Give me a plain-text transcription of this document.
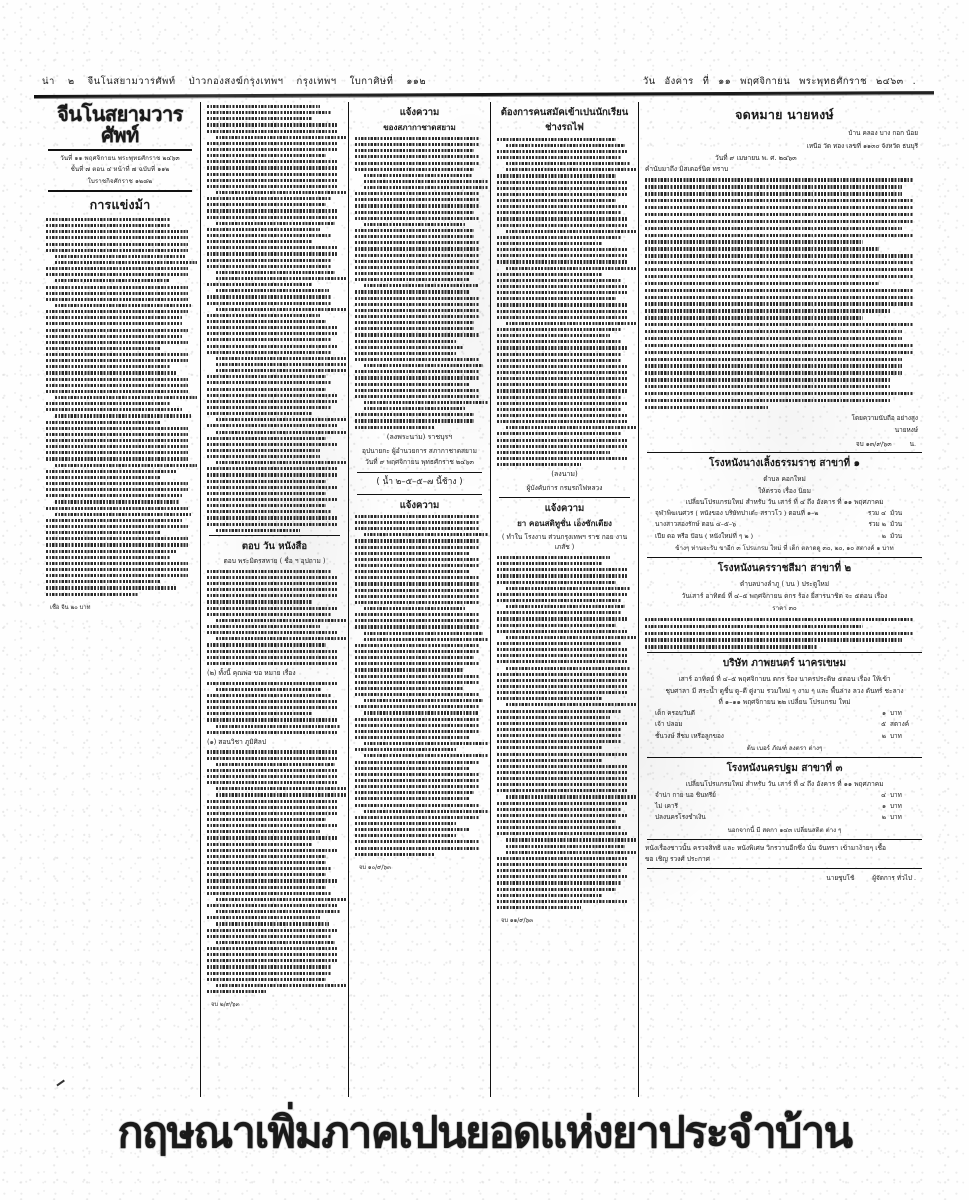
น่า ๒ จีนโนสยามวารศัพท์ ป่าวกองสงฆ์กรุงเทพฯ กรุงเทพฯ ใบกาศิษที่ ๑๑๒	วัน อังคาร ที่ ๑๑ พฤศจิกายน พระพุทธศักราช ๒๔๖๓ .
จีนโนสยามวารศัพท์
วันที่ ๑๑ พฤศจิกายน พระพุทธศักราช ๒๔๖๓
ชั้นที่ ๗ ตอน ๔ หน้าที่ ๗ ฉบับที่ ๑๑๒
ใบราชกิจศักราช ๑๒๘๒
การแข่งม้า
เชื่อ จีน ๒๐ บาท
ตอบ วัน หนังสือ
ตอบ พระมิตรสหาย ( ชื่อ ฯ อุปถาม )
(๒) ทั้งนี้ คุณพ่อ ขอ หมาย เรื่อง
(๑) สอนวิชา ภูมิศิลป
จบ ๒/๙/๖๓
แจ้งความ
ของสภากาชาดสยาม
(ลงพระนาม) ราชบุรฯ
อุปนายกะ ผู้อำนวยการ สภากาชาดสยาม
วันที่ ๙ พฤศจิกายน พุทธศักราช ๒๔๖๓
( น้ำ ๒–๕–๕–๗ นี้ช้าง )
แจ้งความ
จบ ๑๐/๙/๖๓
ต้องการคนสมัคเข้าเปนนักเรียน
ช่างรถไฟ
(ลงนาม)
ผู้บังคับการ กรมรถไฟหลวง
แจ้งความ
ยา คอนสติทูชั่น เอ็งซักเตียง
( ทำใน โรงงาน ส่วนกรุงเทพฯ ราช กอย งานเภสัช )
จบ ๑๑/๙/๖๓
จดหมาย นายหงษ์
บ้าน คลอง บาง กอก น้อย
เหนือ วัด ทอง เลขที่ ๑๑๓๐ จังหวัด ธนบุรี
วันที่ ๙ เมษายน พ. ศ. ๒๔๖๓
คำนับมาถึง มิสเตอร์นิต ทราบ
โดยความนับถือ อย่างสูง
นายหงษ์
จบ ๑๓/๙/๖๓	น.
โรงหนังนางเลิ้งธรรมราช สาขาที่ ๑
ตำบล คอกใหม่
ให้ตรวจ เรื่อง นิยม
เปลี่ยนโปรแกรมใหม่ สำหรับ วัน เสาร์ ที่ ๔ ถึง อังคาร ที่ ๑๑ พฤศภาคม
จุฬาพิฆเนศวร ( หนังของ บริษัทปาเต๋ะ สราวโว ) ตอนที่ ๑–๒	รวม ๔ ม้วน
นางสาวสองรักษ์ ตอน ๔–๕–๖	รวม ๒ ม้วน
เปีย ดอ หรือ ปัอน ( หนังใหม่ที่ ๆ ๒ )	๒ ม้วน
ข้างๆ ท่านจะรับ ขาอีก ๓ โปรแกรม ใหม่ ที่ เด็ก ตลาดดู ๓๐, ๒๐, ๑๐ สตางค์ ๑ บาท
โรงหนังนครราชสีมา สาขาที่ ๒
ตำบลบางลำภู ( บน ) ประตูใหม่
วันเสาร์ อาทิตย์ ที่ ๔–๕ พฤศจิกายน ตกร ร้อง ยี่สารนาชิต จะ ๕ตอน เรื่อง
ราคา ๓๐
บริษัท ภาพยนตร์ นาครเขษม
เสาร์ อาทิตย์ ที่ ๔–๕ พฤศจิกายน ตกร ร้อง นาครประดิษ ๕ตอน เรื่อง ให้เข้า
ชุบศาลา มี สระน้ำ ดูชื่น ดู–ดี ดู่งาม รวมใหม่ ๆ งาม ๆ และ พื้นล่าง ลวง ดันทร์ ชะลาง
ที่ ๑–๑๑ พฤศจิกายน ๒๒ เปลี่ยน โปรแกรม ใหม่
เด็ก ครอบวันดี	๑ บาท
เจ้า ปลอม	๕ สตางค์
ชั้นวงษ์ สี่ชม เหรือลูกของ	๒ บาท
ต้น เบอร์ ภัณฑ์ ลงตรา ต่างๆ
โรงหนังนครปฐม สาขาที่ ๓
เปลี่ยนโปรแกรมใหม่ สำหรับ วัน เสาร์ ที่ ๔ ถึง อังคาร ที่ ๑๑ พฤศภาคม
จำน่า กาย นอ ชินทรีย์	๔ บาท
ไม่ เคารี	๑ บาท
ปลงนครโรงชำเงิน	๒ บาท
นอกจากนี้ มี สดกา ๑๔๓ เปลี่ยนสดิต ต่าง ๆ
หนังเรื่องชาวนั้น ครวจสิทธิ และ หนังพิเศษ วิกรวานอีกซึ่ง นั่น จันทรา เข้ามาง้ายๆ เชื้อ
ขอ เชิญ รวงศ์ ประกาศ
นายชุบโช้	ผู้จัดการ ทั่วไป .
กฤษณาเพิ่มภาคเปนยอดแห่งยาประจำบ้าน
